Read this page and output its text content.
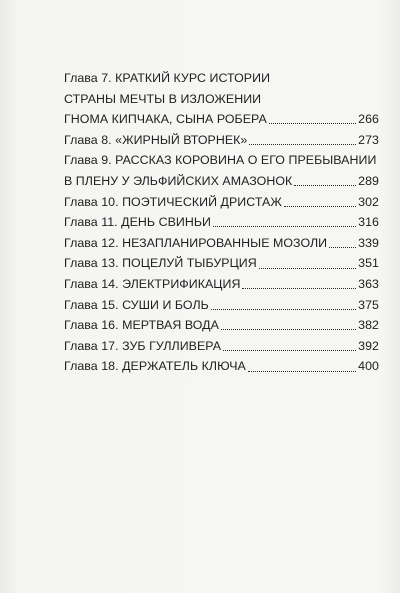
Глава 7. КРАТКИЙ КУРС ИСТОРИИ
СТРАНЫ МЕЧТЫ В ИЗЛОЖЕНИИ
ГНОМА КИПЧАКА, СЫНА РОБЕРА	266
Глава 8. «ЖИРНЫЙ ВТОРНЕК»	273
Глава 9. РАССКАЗ КОРОВИНА О ЕГО ПРЕБЫВАНИИ
В ПЛЕНУ У ЭЛЬФИЙСКИХ АМАЗОНОК	289
Глава 10. ПОЭТИЧЕСКИЙ ДРИСТАЖ	302
Глава 11. ДЕНЬ СВИНЬИ	316
Глава 12. НЕЗАПЛАНИРОВАННЫЕ МОЗОЛИ	339
Глава 13. ПОЦЕЛУЙ ТЫБУРЦИЯ	351
Глава 14. ЭЛЕКТРИФИКАЦИЯ	363
Глава 15. СУШИ И БОЛЬ	375
Глава 16. МЕРТВАЯ ВОДА	382
Глава 17. ЗУБ ГУЛЛИВЕРА	392
Глава 18. ДЕРЖАТЕЛЬ КЛЮЧА	400
